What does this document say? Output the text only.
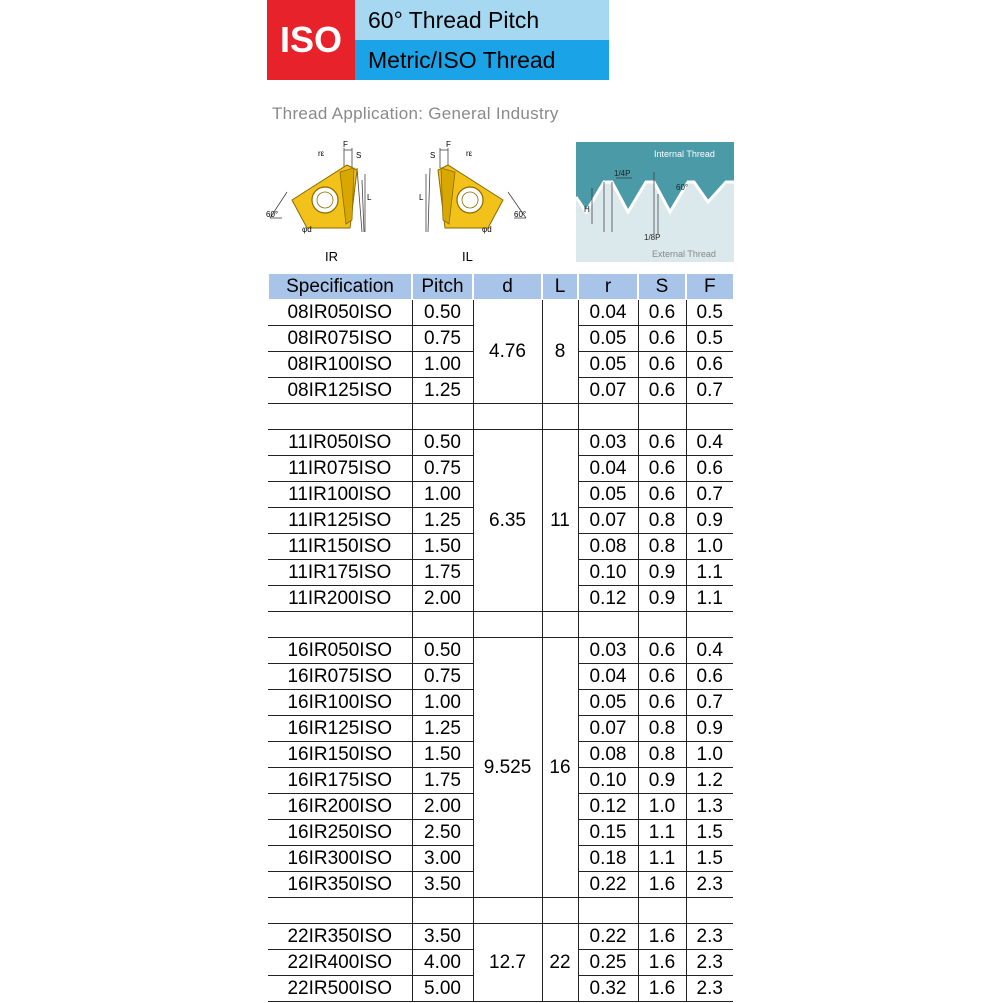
ISO	60° Thread Pitch
Metric/ISO Thread
Thread Application: General Industry
rε
F
S
L
60°
φd
IR
S
F
rε
L
60°
φd
IL
Internal Thread
1/4P
60°
H
1/8P
External Thread
Specification	Pitch	d	L	r	S	F
08IR050ISO	0.50	4.76	8	0.04	0.6	0.5
08IR075ISO	0.75			0.05	0.6	0.5
08IR100ISO	1.00			0.05	0.6	0.6
08IR125ISO	1.25			0.07	0.6	0.7

11IR050ISO	0.50	6.35	11	0.03	0.6	0.4
11IR075ISO	0.75			0.04	0.6	0.6
11IR100ISO	1.00			0.05	0.6	0.7
11IR125ISO	1.25			0.07	0.8	0.9
11IR150ISO	1.50			0.08	0.8	1.0
11IR175ISO	1.75			0.10	0.9	1.1
11IR200ISO	2.00			0.12	0.9	1.1

16IR050ISO	0.50	9.525	16	0.03	0.6	0.4
16IR075ISO	0.75			0.04	0.6	0.6
16IR100ISO	1.00			0.05	0.6	0.7
16IR125ISO	1.25			0.07	0.8	0.9
16IR150ISO	1.50			0.08	0.8	1.0
16IR175ISO	1.75			0.10	0.9	1.2
16IR200ISO	2.00			0.12	1.0	1.3
16IR250ISO	2.50			0.15	1.1	1.5
16IR300ISO	3.00			0.18	1.1	1.5
16IR350ISO	3.50			0.22	1.6	2.3

22IR350ISO	3.50	12.7	22	0.22	1.6	2.3
22IR400ISO	4.00			0.25	1.6	2.3
22IR500ISO	5.00			0.32	1.6	2.3
